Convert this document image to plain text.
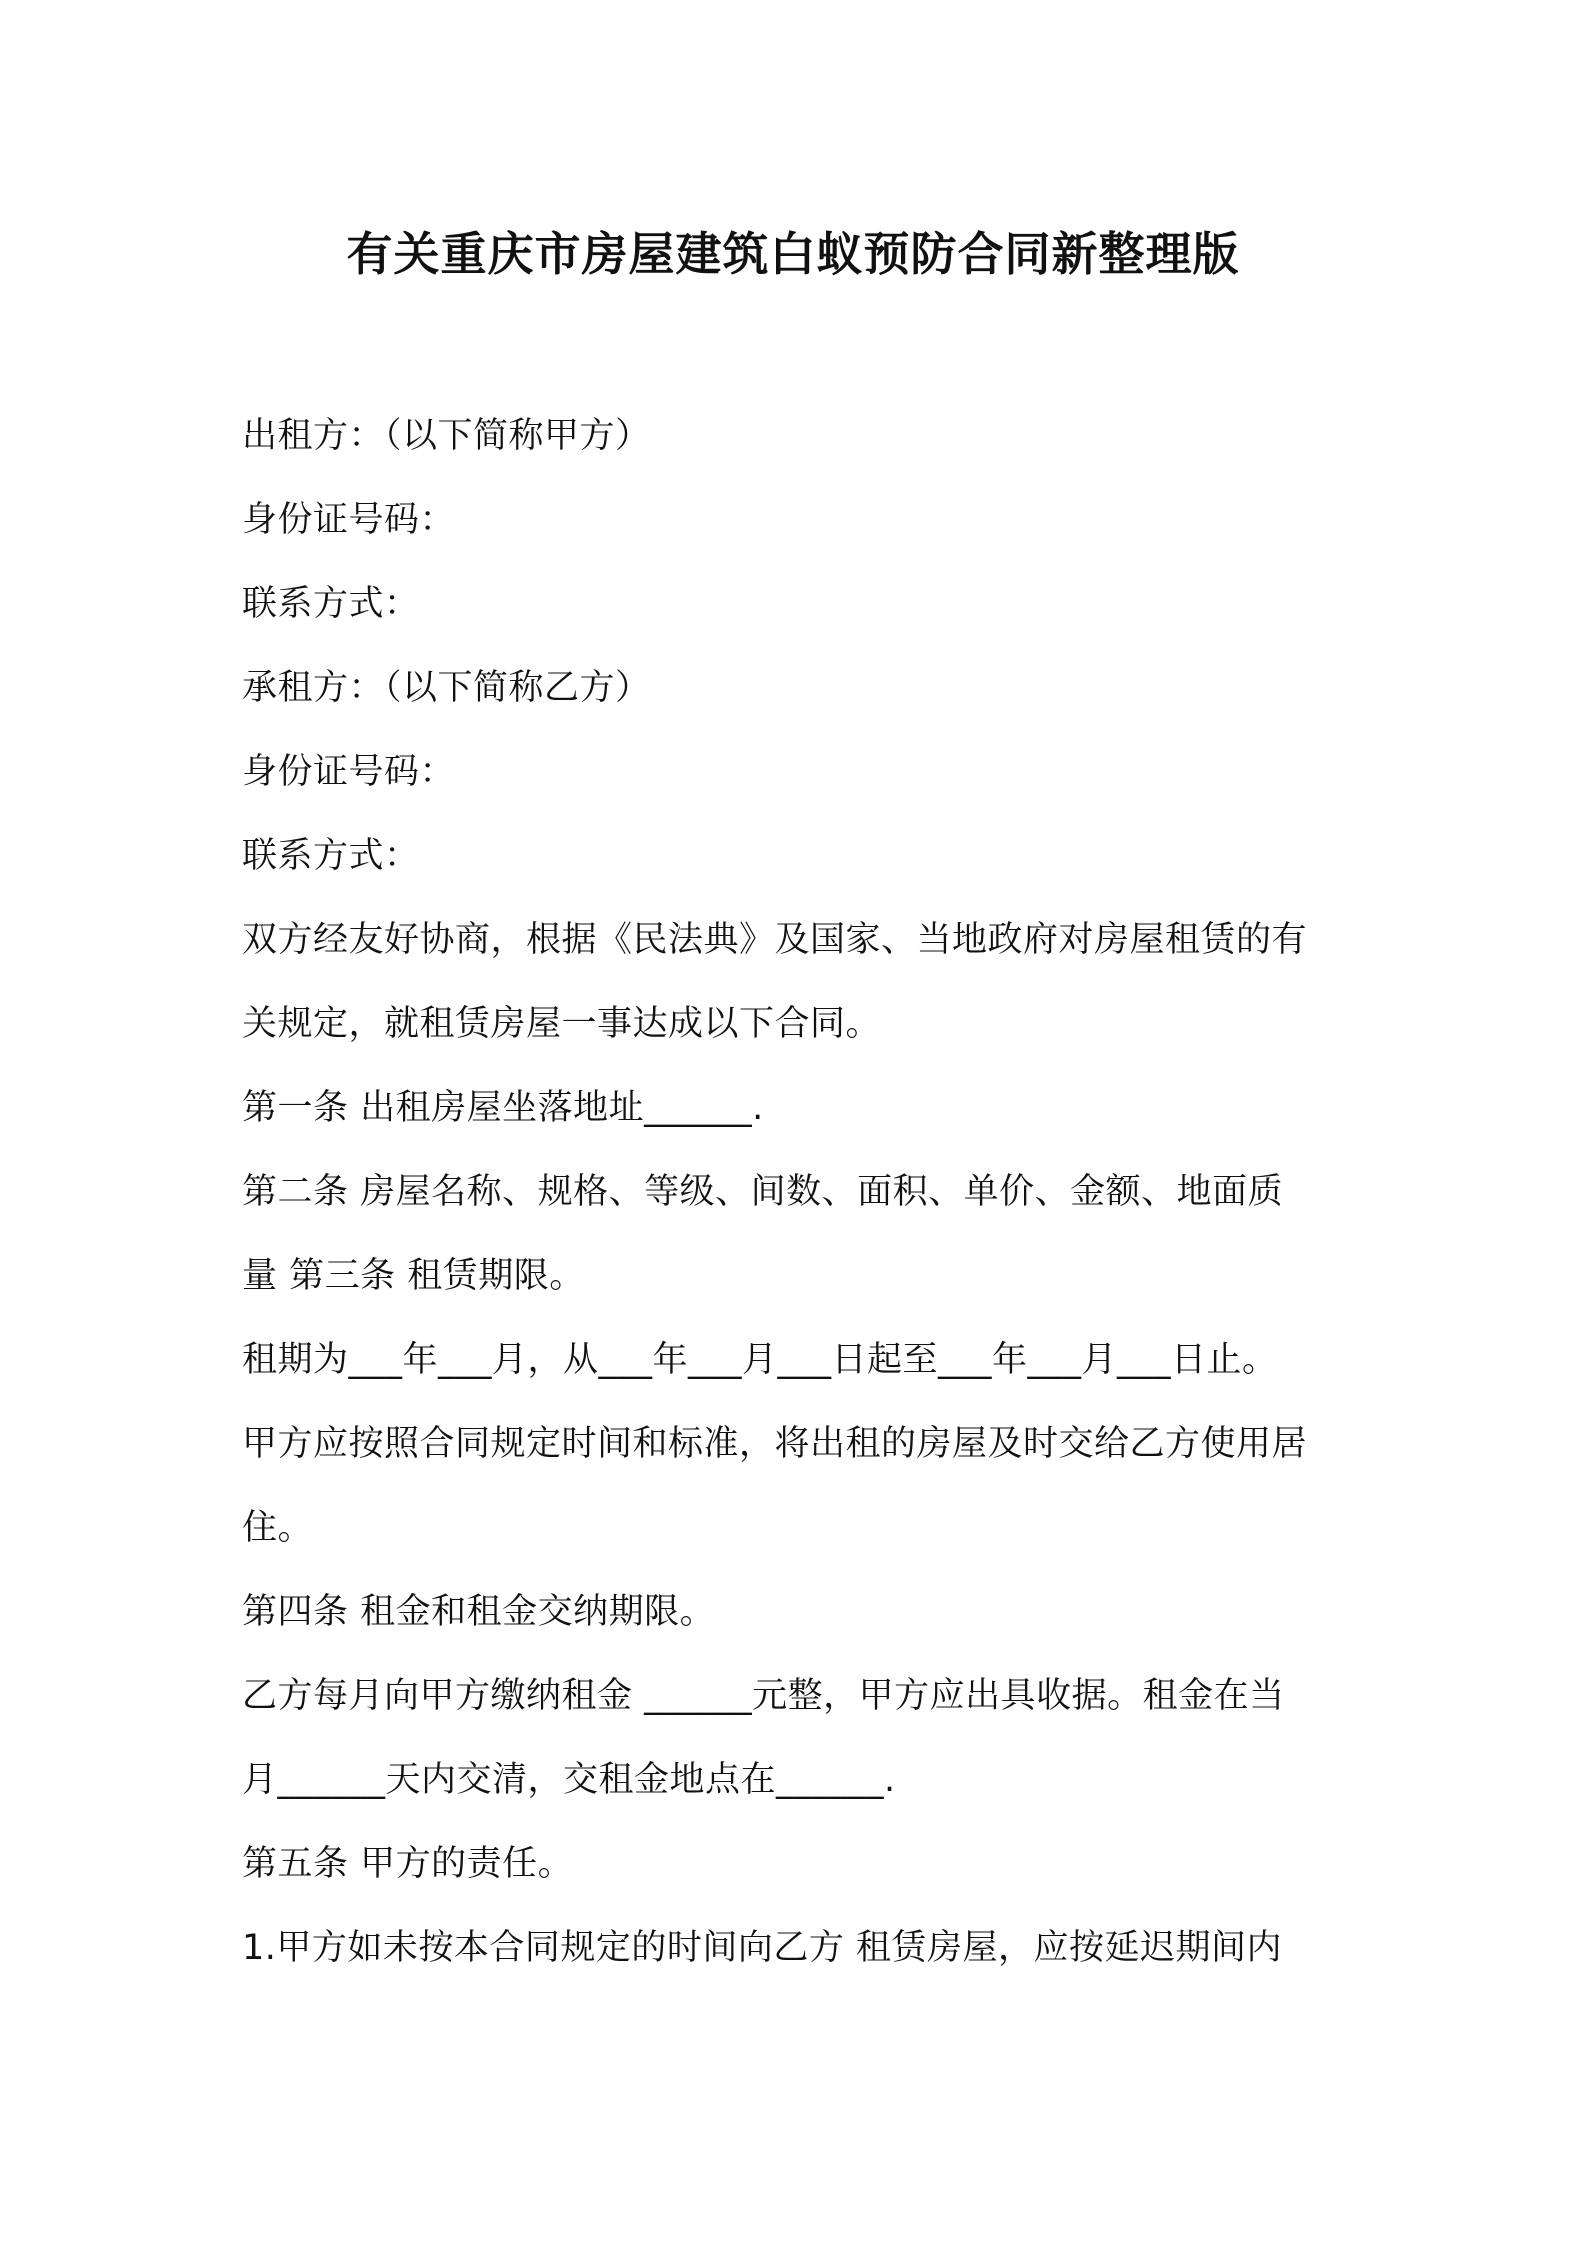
有关重庆市房屋建筑白蚁预防合同新整理版
出租方：（以下简称甲方）
身份证号码：
联系方式：
承租方：（以下简称乙方）
身份证号码：
联系方式：
双方经友好协商，根据《民法典》及国家、当地政府对房屋租赁的有
关规定，就租赁房屋一事达成以下合同。
第一条 出租房屋坐落地址______.
第二条 房屋名称、规格、等级、间数、面积、单价、金额、地面质
量 第三条 租赁期限。
租期为___年___月，从___年___月___日起至___年___月___日止。
甲方应按照合同规定时间和标准，将出租的房屋及时交给乙方使用居
住。
第四条 租金和租金交纳期限。
乙方每月向甲方缴纳租金 ______元整，甲方应出具收据。租金在当
月______天内交清，交租金地点在______.
第五条 甲方的责任。
1.甲方如未按本合同规定的时间向乙方 租赁房屋，应按延迟期间内
